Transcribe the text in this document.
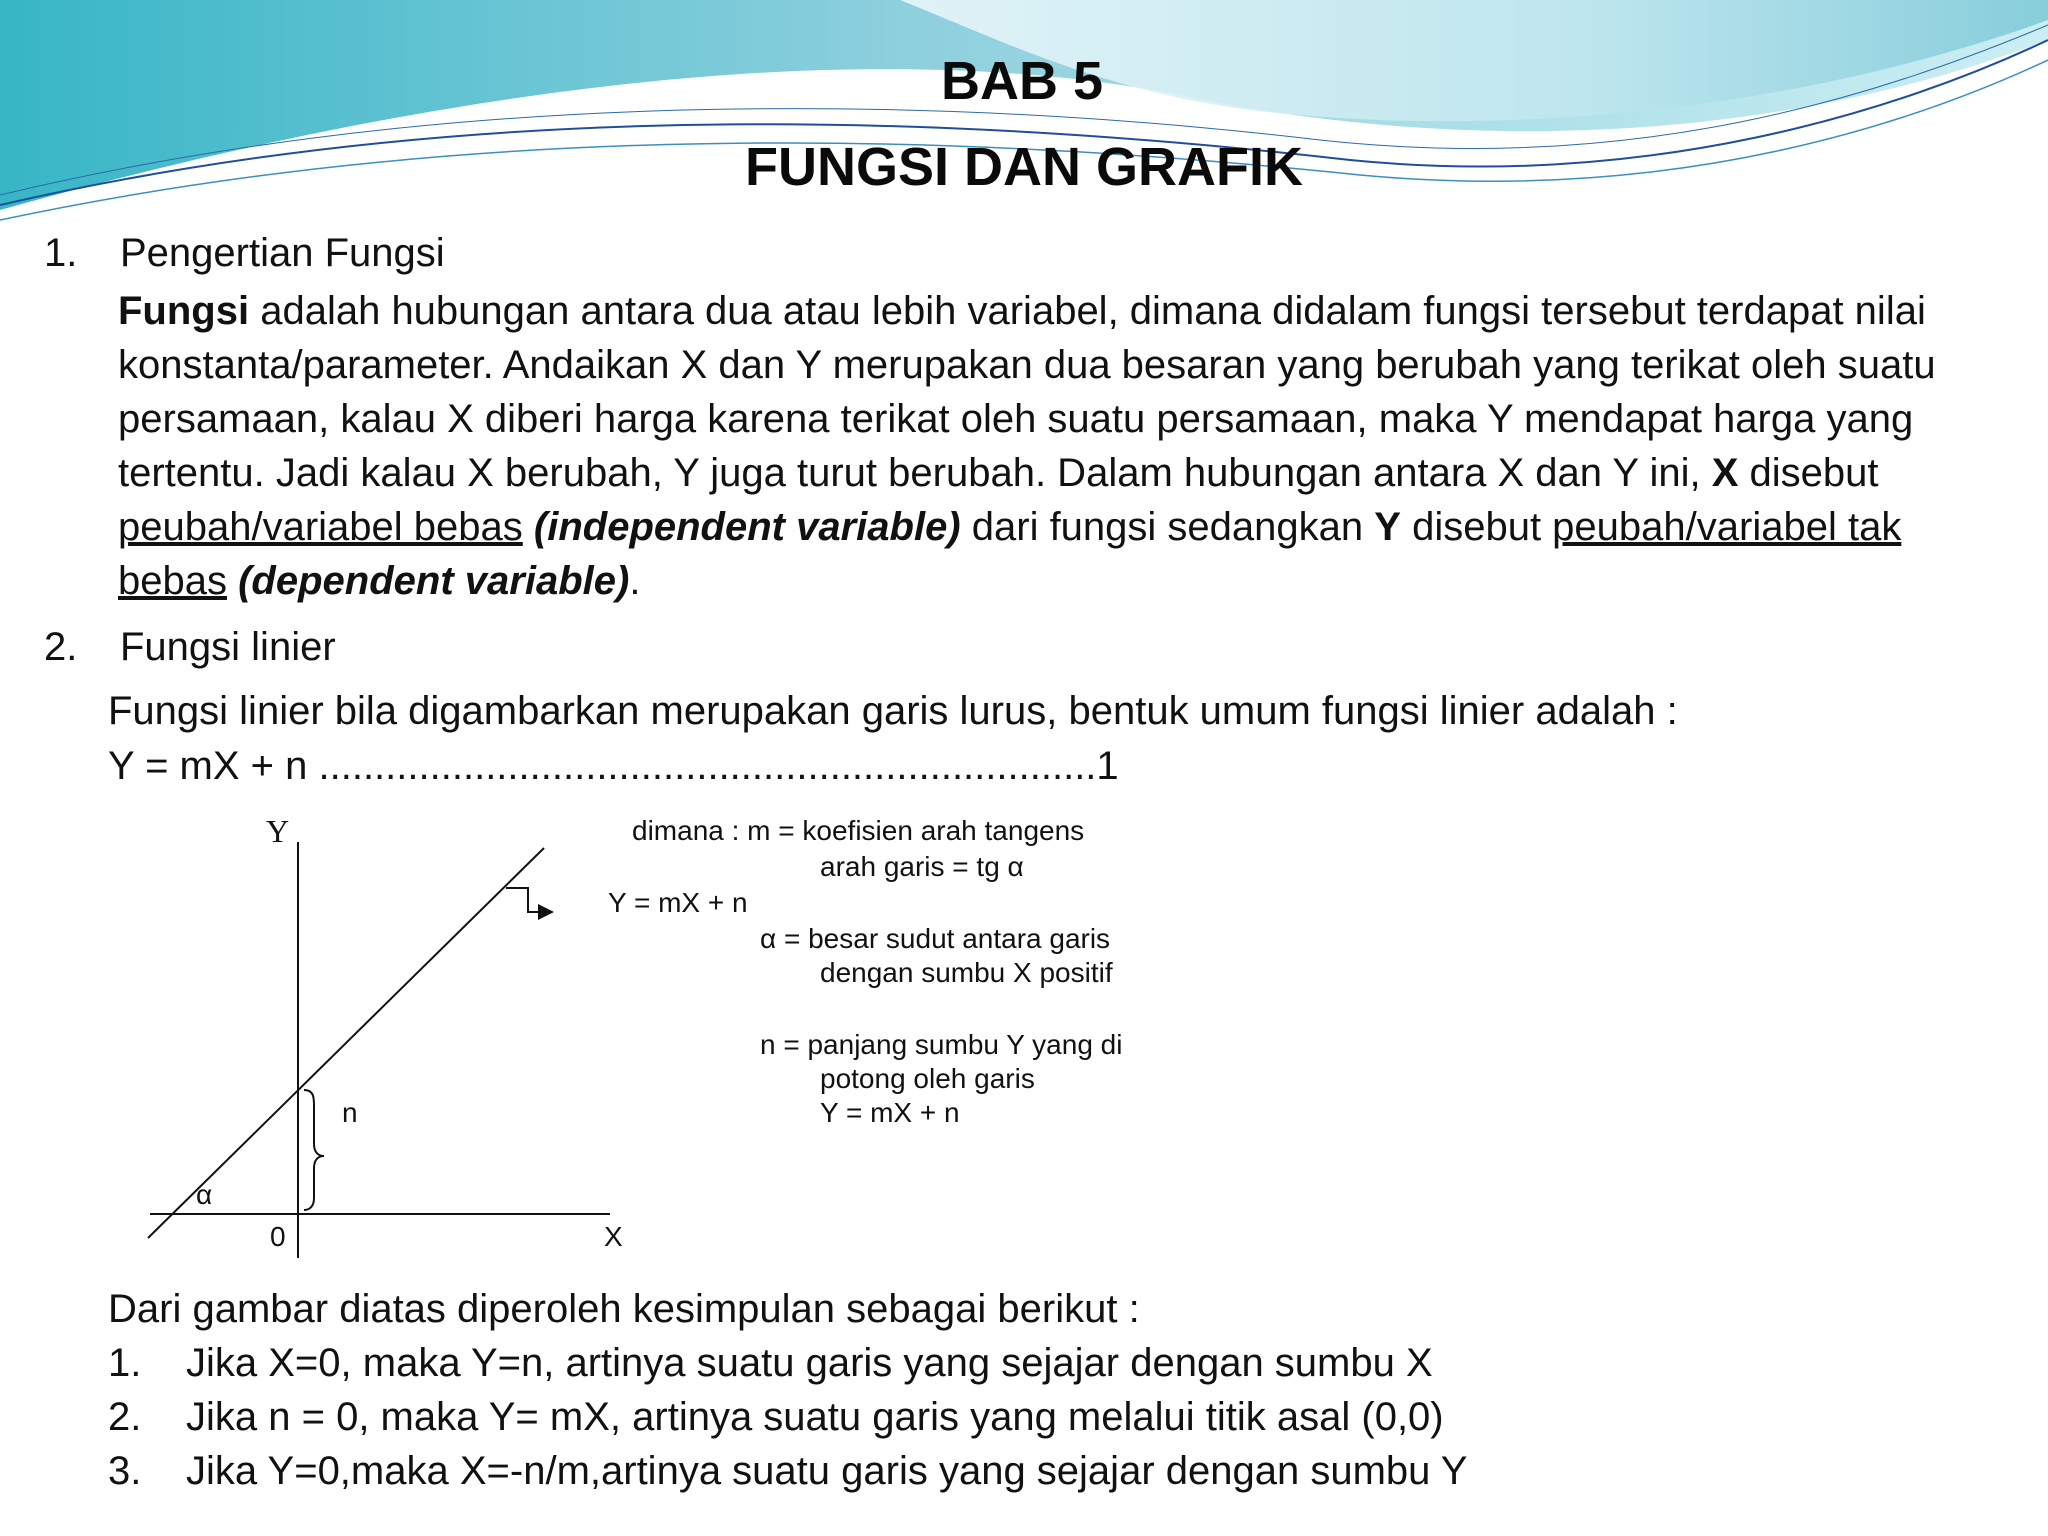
BAB 5
FUNGSI DAN GRAFIK
1. Pengertian Fungsi
Fungsi adalah hubungan antara dua atau lebih variabel, dimana didalam fungsi tersebut terdapat nilai konstanta/parameter. Andaikan X dan Y merupakan dua besaran yang berubah yang terikat oleh suatu persamaan, kalau X diberi harga karena terikat oleh suatu persamaan, maka Y mendapat harga yang tertentu. Jadi kalau X berubah, Y juga turut berubah. Dalam hubungan antara X dan Y ini, X disebut peubah/variabel bebas (independent variable) dari fungsi sedangkan Y disebut peubah/variabel tak bebas (dependent variable).
2. Fungsi linier
Fungsi linier bila digambarkan merupakan garis lurus, bentuk umum fungsi linier adalah :
Y = mX + n ......................................................................1
Y
X
0
n
α
Y = mX + n
dimana : m = koefisien arah tangens
arah garis = tg α
α = besar sudut antara garis
dengan sumbu X positif
n = panjang sumbu Y yang di
potong oleh garis
Y = mX + n
Dari gambar diatas diperoleh kesimpulan sebagai berikut :
1. Jika X=0, maka Y=n, artinya suatu garis yang sejajar dengan sumbu X
2. Jika n = 0, maka Y= mX, artinya suatu garis yang melalui titik asal (0,0)
3. Jika Y=0,maka X=-n/m,artinya suatu garis yang sejajar dengan sumbu Y
